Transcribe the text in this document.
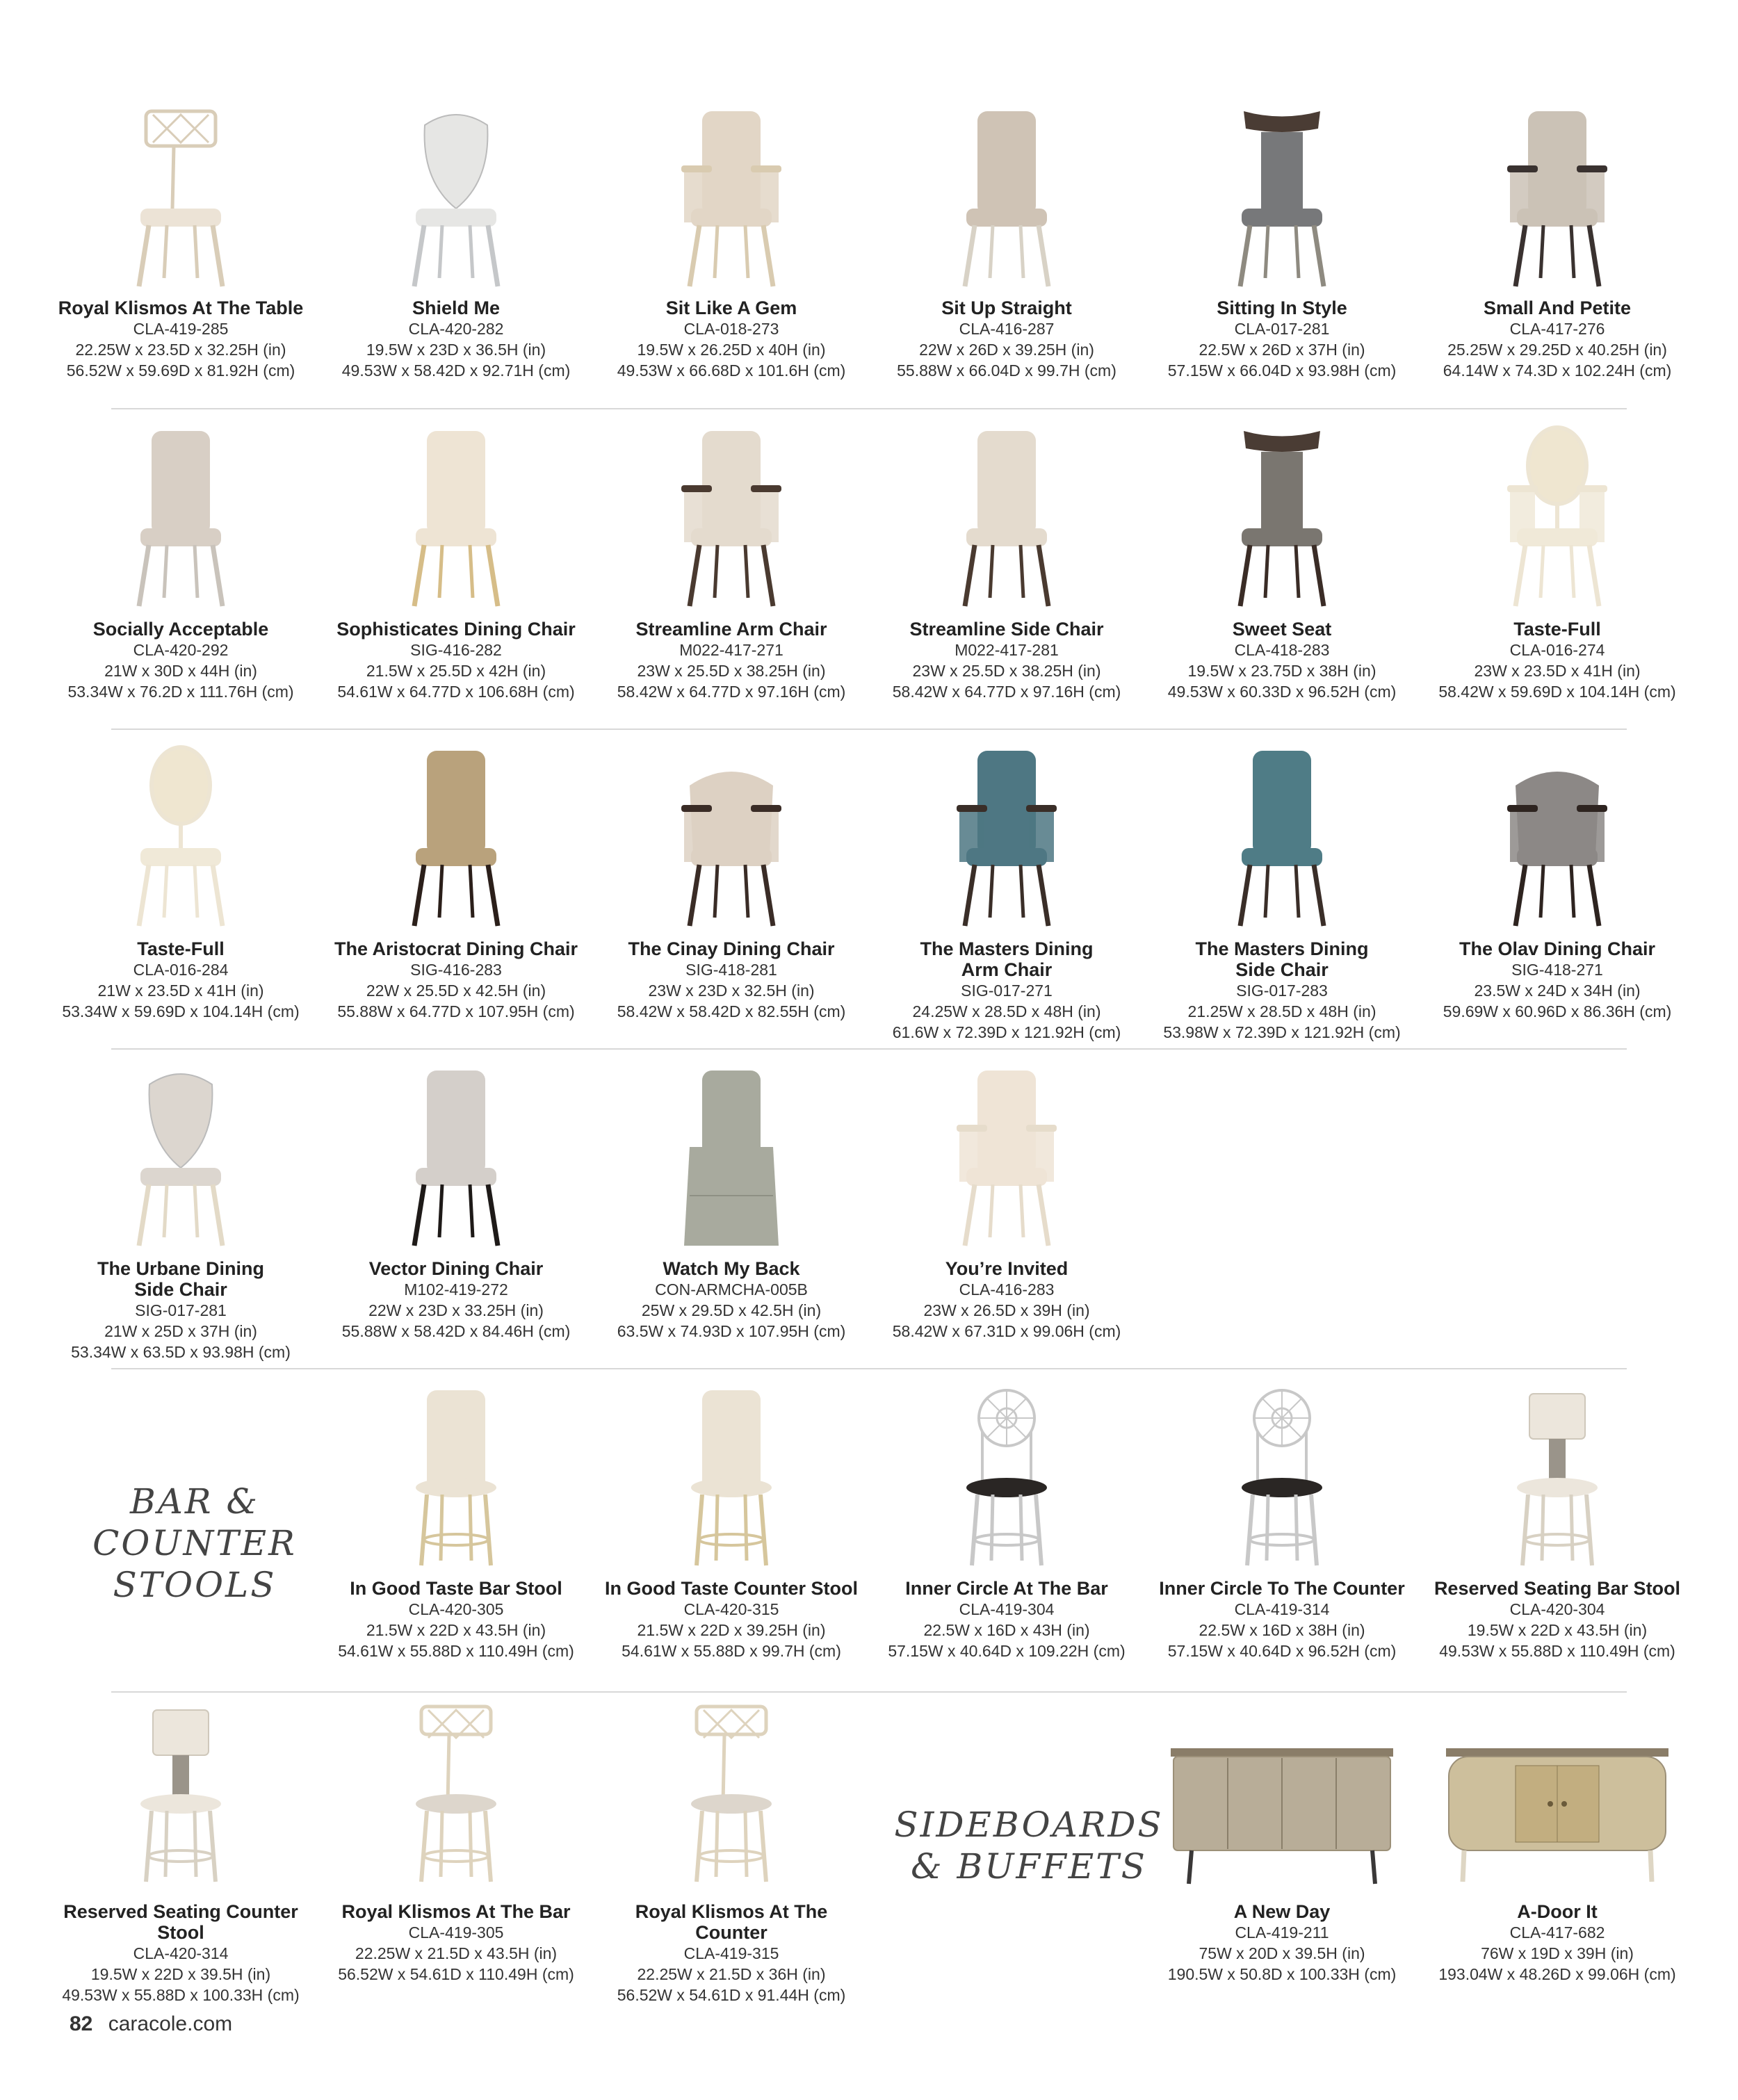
Royal Klismos At The Table
CLA-419-285
22.25W x 23.5D x 32.25H (in)
56.52W x 59.69D x 81.92H (cm)
Shield Me
CLA-420-282
19.5W x 23D x 36.5H (in)
49.53W x 58.42D x 92.71H (cm)
Sit Like A Gem
CLA-018-273
19.5W x 26.25D x 40H (in)
49.53W x 66.68D x 101.6H (cm)
Sit Up Straight
CLA-416-287
22W x 26D x 39.25H (in)
55.88W x 66.04D x 99.7H (cm)
Sitting In Style
CLA-017-281
22.5W x 26D x 37H (in)
57.15W x 66.04D x 93.98H (cm)
Small And Petite
CLA-417-276
25.25W x 29.25D x 40.25H (in)
64.14W x 74.3D x 102.24H (cm)
Socially Acceptable
CLA-420-292
21W x 30D x 44H (in)
53.34W x 76.2D x 111.76H (cm)
Sophisticates Dining Chair
SIG-416-282
21.5W x 25.5D x 42H (in)
54.61W x 64.77D x 106.68H (cm)
Streamline Arm Chair
M022-417-271
23W x 25.5D x 38.25H (in)
58.42W x 64.77D x 97.16H (cm)
Streamline Side Chair
M022-417-281
23W x 25.5D x 38.25H (in)
58.42W x 64.77D x 97.16H (cm)
Sweet Seat
CLA-418-283
19.5W x 23.75D x 38H (in)
49.53W x 60.33D x 96.52H (cm)
Taste-Full
CLA-016-274
23W x 23.5D x 41H (in)
58.42W x 59.69D x 104.14H (cm)
Taste-Full
CLA-016-284
21W x 23.5D x 41H (in)
53.34W x 59.69D x 104.14H (cm)
The Aristocrat Dining Chair
SIG-416-283
22W x 25.5D x 42.5H (in)
55.88W x 64.77D x 107.95H (cm)
The Cinay Dining Chair
SIG-418-281
23W x 23D x 32.5H (in)
58.42W x 58.42D x 82.55H (cm)
The Masters Dining
Arm Chair
SIG-017-271
24.25W x 28.5D x 48H (in)
61.6W x 72.39D x 121.92H (cm)
The Masters Dining
Side Chair
SIG-017-283
21.25W x 28.5D x 48H (in)
53.98W x 72.39D x 121.92H (cm)
The Olav Dining Chair
SIG-418-271
23.5W x 24D x 34H (in)
59.69W x 60.96D x 86.36H (cm)
The Urbane Dining
Side Chair
SIG-017-281
21W x 25D x 37H (in)
53.34W x 63.5D x 93.98H (cm)
Vector Dining Chair
M102-419-272
22W x 23D x 33.25H (in)
55.88W x 58.42D x 84.46H (cm)
Watch My Back
CON-ARMCHA-005B
25W x 29.5D x 42.5H (in)
63.5W x 74.93D x 107.95H (cm)
You’re Invited
CLA-416-283
23W x 26.5D x 39H (in)
58.42W x 67.31D x 99.06H (cm)
In Good Taste Bar Stool
CLA-420-305
21.5W x 22D x 43.5H (in)
54.61W x 55.88D x 110.49H (cm)
In Good Taste Counter Stool
CLA-420-315
21.5W x 22D x 39.25H (in)
54.61W x 55.88D x 99.7H (cm)
Inner Circle At The Bar
CLA-419-304
22.5W x 16D x 43H (in)
57.15W x 40.64D x 109.22H (cm)
Inner Circle To The Counter
CLA-419-314
22.5W x 16D x 38H (in)
57.15W x 40.64D x 96.52H (cm)
Reserved Seating Bar Stool
CLA-420-304
19.5W x 22D x 43.5H (in)
49.53W x 55.88D x 110.49H (cm)
Reserved Seating Counter
Stool
CLA-420-314
19.5W x 22D x 39.5H (in)
49.53W x 55.88D x 100.33H (cm)
Royal Klismos At The Bar
CLA-419-305
22.25W x 21.5D x 43.5H (in)
56.52W x 54.61D x 110.49H (cm)
Royal Klismos At The
Counter
CLA-419-315
22.25W x 21.5D x 36H (in)
56.52W x 54.61D x 91.44H (cm)
A New Day
CLA-419-211
75W x 20D x 39.5H (in)
190.5W x 50.8D x 100.33H (cm)
A-Door It
CLA-417-682
76W x 19D x 39H (in)
193.04W x 48.26D x 99.06H (cm)
BAR & COUNTER
STOOLS
SIDEBOARDS
& BUFFETS
82 caracole.com
